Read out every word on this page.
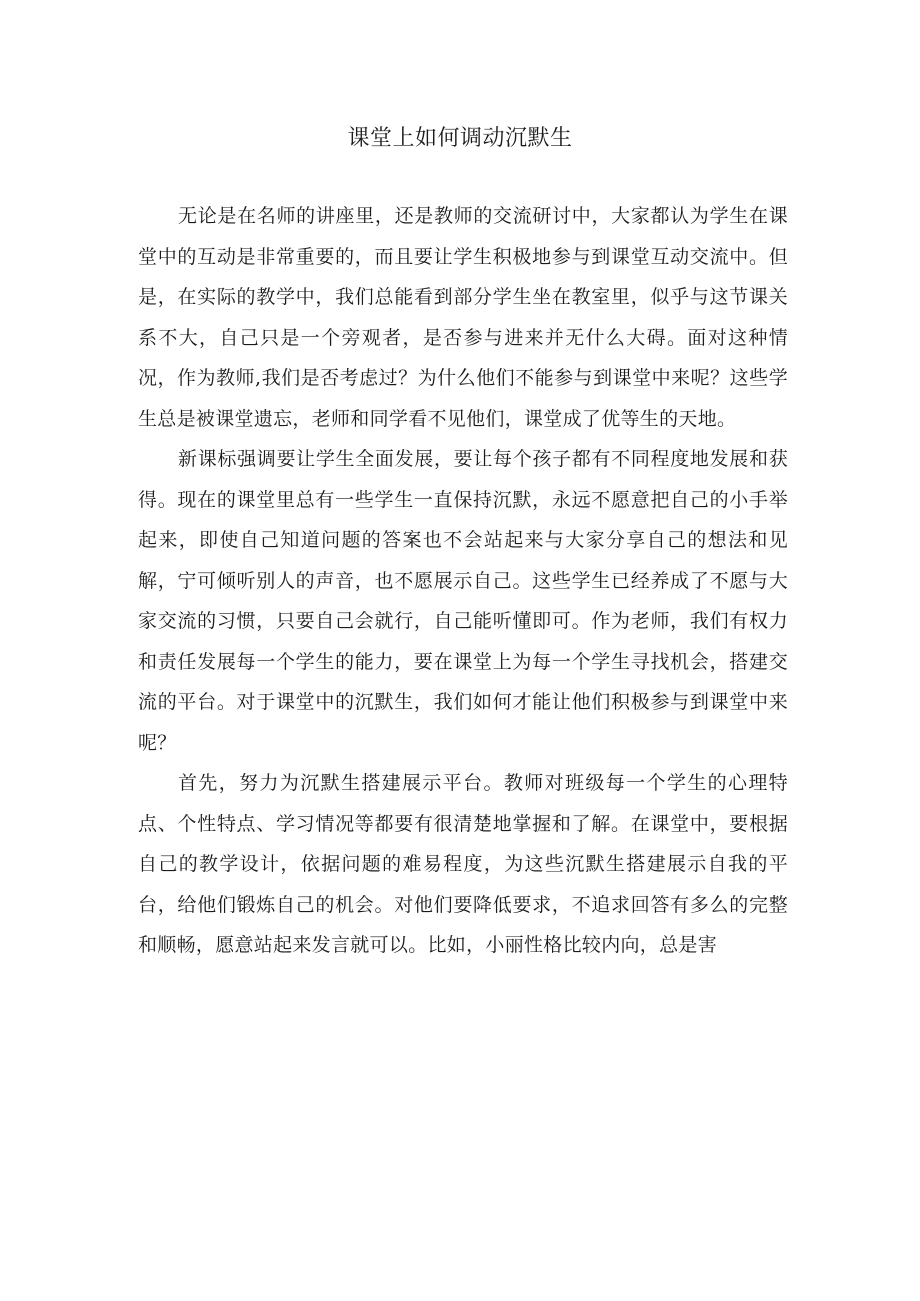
课堂上如何调动沉默生

无论是在名师的讲座里，还是教师的交流研讨中，大家都认为学生在课堂中的互动是非常重要的，而且要让学生积极地参与到课堂互动交流中。但是，在实际的教学中，我们总能看到部分学生坐在教室里，似乎与这节课关系不大，自己只是一个旁观者，是否参与进来并无什么大碍。面对这种情况，作为教师,我们是否考虑过？为什么他们不能参与到课堂中来呢？这些学生总是被课堂遗忘，老师和同学看不见他们，课堂成了优等生的天地。

新课标强调要让学生全面发展，要让每个孩子都有不同程度地发展和获得。现在的课堂里总有一些学生一直保持沉默，永远不愿意把自己的小手举起来，即使自己知道问题的答案也不会站起来与大家分享自己的想法和见解，宁可倾听别人的声音，也不愿展示自己。这些学生已经养成了不愿与大家交流的习惯，只要自己会就行，自己能听懂即可。作为老师，我们有权力和责任发展每一个学生的能力，要在课堂上为每一个学生寻找机会，搭建交流的平台。对于课堂中的沉默生，我们如何才能让他们积极参与到课堂中来呢？

首先，努力为沉默生搭建展示平台。教师对班级每一个学生的心理特点、个性特点、学习情况等都要有很清楚地掌握和了解。在课堂中，要根据自己的教学设计，依据问题的难易程度，为这些沉默生搭建展示自我的平台，给他们锻炼自己的机会。对他们要降低要求，不追求回答有多么的完整和顺畅，愿意站起来发言就可以。比如，小丽性格比较内向，总是害
